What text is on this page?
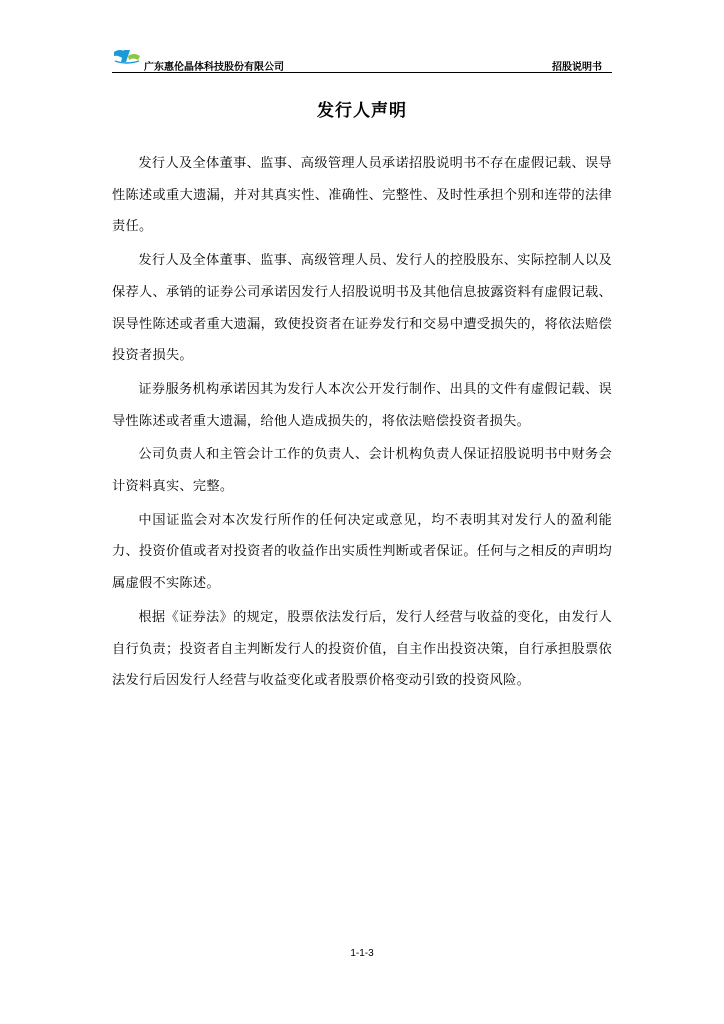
广东惠伦晶体科技股份有限公司	招股说明书
发行人声明

发行人及全体董事、监事、高级管理人员承诺招股说明书不存在虚假记载、误导性陈述或重大遗漏，并对其真实性、准确性、完整性、及时性承担个别和连带的法律责任。

发行人及全体董事、监事、高级管理人员、发行人的控股股东、实际控制人以及保荐人、承销的证券公司承诺因发行人招股说明书及其他信息披露资料有虚假记载、误导性陈述或者重大遗漏，致使投资者在证券发行和交易中遭受损失的，将依法赔偿投资者损失。

证券服务机构承诺因其为发行人本次公开发行制作、出具的文件有虚假记载、误导性陈述或者重大遗漏，给他人造成损失的，将依法赔偿投资者损失。

公司负责人和主管会计工作的负责人、会计机构负责人保证招股说明书中财务会计资料真实、完整。

中国证监会对本次发行所作的任何决定或意见，均不表明其对发行人的盈利能力、投资价值或者对投资者的收益作出实质性判断或者保证。任何与之相反的声明均属虚假不实陈述。

根据《证券法》的规定，股票依法发行后，发行人经营与收益的变化，由发行人自行负责；投资者自主判断发行人的投资价值，自主作出投资决策，自行承担股票依法发行后因发行人经营与收益变化或者股票价格变动引致的投资风险。

1-1-3
